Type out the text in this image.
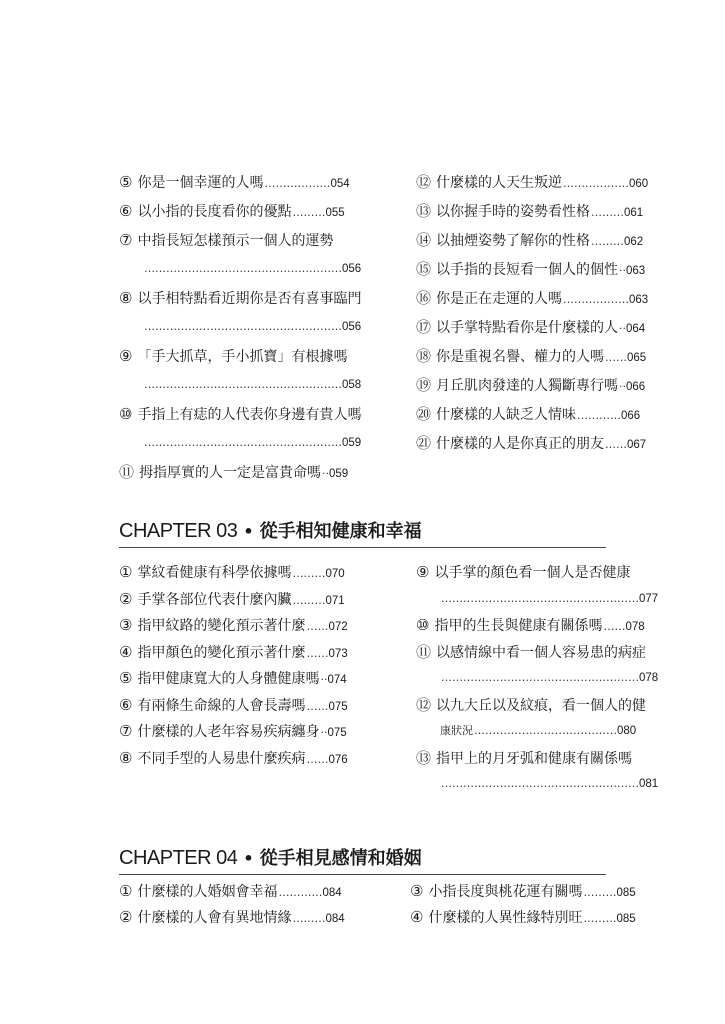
⑤ 你是一個幸運的人嗎 ……………… 054
⑥ 以小指的長度看你的優點 ……… 055
⑦ 中指長短怎樣預示一個人的運勢
……………………………………………… 056
⑧ 以手相特點看近期你是否有喜事臨門
……………………………………………… 056
⑨ 「手大抓草，手小抓寶」有根據嗎
……………………………………………… 058
⑩ 手指上有痣的人代表你身邊有貴人嗎
……………………………………………… 059
⑪ 拇指厚實的人一定是富貴命嗎 ·· 059
⑫ 什麼樣的人天生叛逆 ……………… 060
⑬ 以你握手時的姿勢看性格 ……… 061
⑭ 以抽煙姿勢了解你的性格 ……… 062
⑮ 以手指的長短看一個人的個性 ·· 063
⑯ 你是正在走運的人嗎 ……………… 063
⑰ 以手掌特點看你是什麼樣的人 ·· 064
⑱ 你是重視名譽、權力的人嗎 …… 065
⑲ 月丘肌肉發達的人獨斷專行嗎 ·· 066
⑳ 什麼樣的人缺乏人情味 ………… 066
㉑ 什麼樣的人是你真正的朋友 …… 067
CHAPTER 03 • 從手相知健康和幸福
① 掌紋看健康有科學依據嗎 ……… 070
② 手掌各部位代表什麼內臟 ……… 071
③ 指甲紋路的變化預示著什麼 …… 072
④ 指甲顏色的變化預示著什麼 …… 073
⑤ 指甲健康寬大的人身體健康嗎 ·· 074
⑥ 有兩條生命線的人會長壽嗎 …… 075
⑦ 什麼樣的人老年容易疾病纏身 ·· 075
⑧ 不同手型的人易患什麼疾病 …… 076
⑨ 以手掌的顏色看一個人是否健康
……………………………………………… 077
⑩ 指甲的生長與健康有關係嗎 …… 078
⑪ 以感情線中看一個人容易患的病症
……………………………………………… 078
⑫ 以九大丘以及紋痕，看一個人的健
康狀況 ………………………………… 080
⑬ 指甲上的月牙弧和健康有關係嗎
……………………………………………… 081
CHAPTER 04 • 從手相見感情和婚姻
① 什麼樣的人婚姻會幸福 ………… 084
② 什麼樣的人會有異地情緣 ……… 084
③ 小指長度與桃花運有關嗎 ……… 085
④ 什麼樣的人異性緣特別旺 ……… 085
